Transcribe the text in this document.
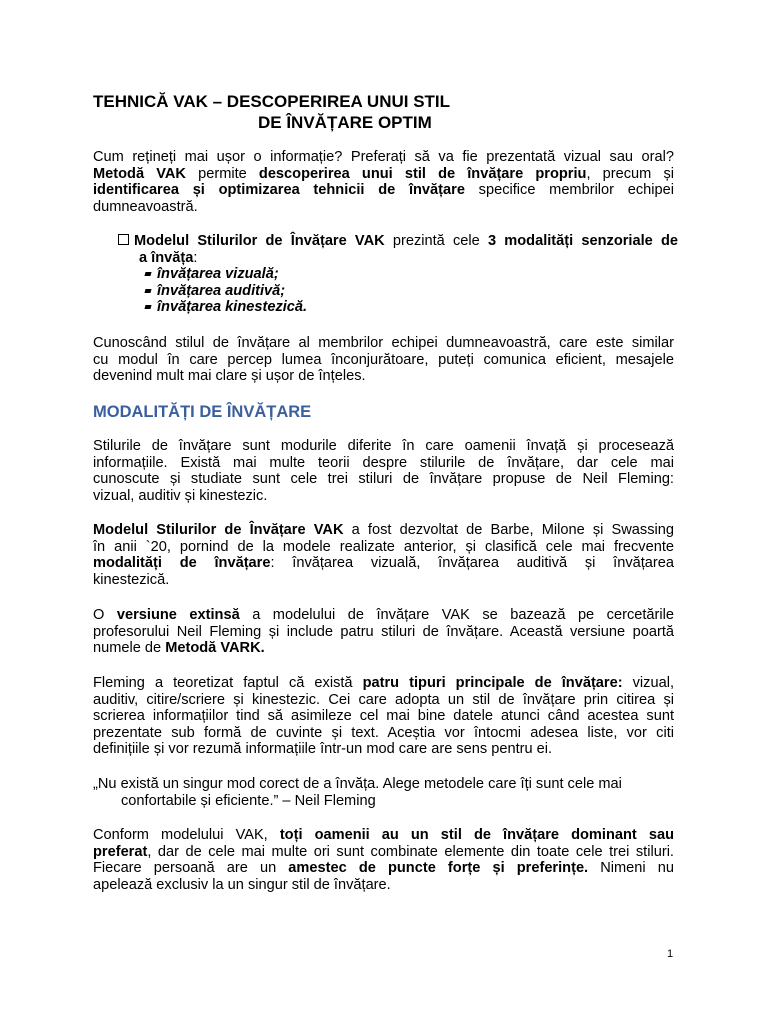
TEHNICĂ VAK – DESCOPERIREA UNUI STIL
DE ÎNVĂȚARE OPTIM
Cum rețineți mai ușor o informație? Preferați să va fie prezentată vizual sau oral?
Metodă VAK permite descoperirea unui stil de învățare propriu, precum și
identificarea și optimizarea tehnicii de învățare specifice membrilor echipei
dumneavoastră.
Modelul Stilurilor de Învățare VAK prezintă cele 3 modalități senzoriale de
a învăța:
învățarea vizuală;
învățarea auditivă;
învățarea kinestezică.
Cunoscând stilul de învățare al membrilor echipei dumneavoastră, care este similar
cu modul în care percep lumea înconjurătoare, puteți comunica eficient, mesajele
devenind mult mai clare și ușor de înțeles.
MODALITĂȚI DE ÎNVĂȚARE
Stilurile de învățare sunt modurile diferite în care oamenii învață și procesează
informațiile. Există mai multe teorii despre stilurile de învățare, dar cele mai
cunoscute și studiate sunt cele trei stiluri de învățare propuse de Neil Fleming:
vizual, auditiv și kinestezic.
Modelul Stilurilor de Învățare VAK a fost dezvoltat de Barbe, Milone și Swassing
în anii `20, pornind de la modele realizate anterior, și clasifică cele mai frecvente
modalități de învățare: învățarea vizuală, învățarea auditivă și învățarea
kinestezică.
O versiune extinsă a modelului de învățare VAK se bazează pe cercetările
profesorului Neil Fleming și include patru stiluri de învățare. Această versiune poartă
numele de Metodă VARK.
Fleming a teoretizat faptul că există patru tipuri principale de învățare: vizual,
auditiv, citire/scriere și kinestezic. Cei care adopta un stil de învățare prin citirea și
scrierea informațiilor tind să asimileze cel mai bine datele atunci când acestea sunt
prezentate sub formă de cuvinte și text. Aceștia vor întocmi adesea liste, vor citi
definițiile și vor rezumă informațiile într-un mod care are sens pentru ei.
„Nu există un singur mod corect de a învăța. Alege metodele care îți sunt cele mai
confortabile și eficiente.” – Neil Fleming
Conform modelului VAK, toți oamenii au un stil de învățare dominant sau
preferat, dar de cele mai multe ori sunt combinate elemente din toate cele trei stiluri.
Fiecare persoană are un amestec de puncte forțe și preferințe. Nimeni nu
apelează exclusiv la un singur stil de învățare.
1
